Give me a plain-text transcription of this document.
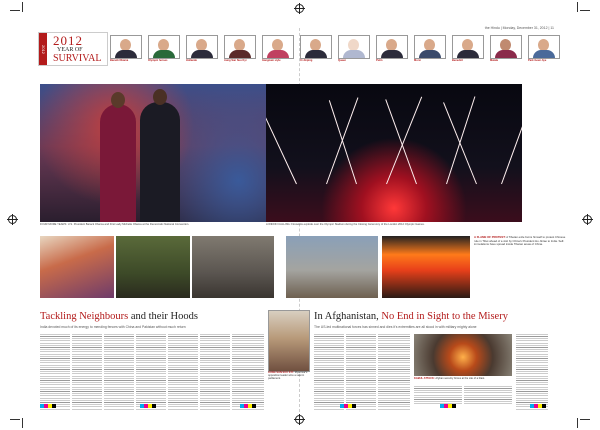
2012
2012
YEAR OF
SURVIVAL
the Hindu | Monday, December 31, 2012 | 11
Barack Obama	Olympic heroes	Hollande	Aung San Suu Kyi	Gangnam style	Xi Jinping	Queen	Putin	Morsi	Benedict	Malala	Park Geun-hye
FOUR MORE YEARS: U.S. President Barack Obama and First Lady Michelle Obama at the Democratic National Convention.	LONDON CALLING: Fireworks explode over the Olympic Stadium during the Closing Ceremony of the London 2012 Olympic Games.
A FLAME OF PROTEST: A Tibetan exile burns himself to protest Chinese rule in Tibet ahead of a visit by China's President Hu Jintao to India. Self-immolations have spread inside Tibetan areas of China.
Tackling Neighbours and their Hoods
India devoted much of its energy to mending fences with China and Pakistan without much return
In Afghanistan, No End in Sight to the Misery
The US-led multinational forces has sinned and dies it's extremities are all stood in with military mighty alone
AUNG SAN SUU KYI: Myanmar's opposition leader wins a seat in parliament.	KABUL ATTACK: Afghan security forces at the site of a blast.
